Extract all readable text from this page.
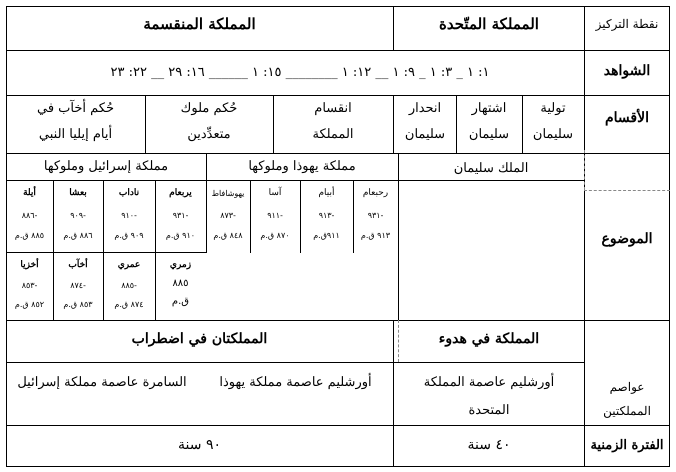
نقطة التركيز
المملكة المتّحدة
المملكة المنقسمة
الشواهد
١: ١ _ ٣: ١ _ ٩: ١ __ ١٢: ١ ________ ١٥: ١ ______ ١٦: ٢٩ __ ٢٢: ٢٣
الأقسام
تولية
سليمان
اشتهار
سليمان
انحدار
سليمان
انقسام
المملكة
حُكم ملوك
متعدِّدين
حُكم أخآب في
أيام إيليا النبي
الموضوع
الملك سليمان
مملكة يهوذا وملوكها
مملكة إسرائيل وملوكها
رحبعام
-٩٣١
٩١٣ ق.م
أبيام
-٩١٣
٩١١ق.م
آسا
-٩١١
٨٧٠ ق.م
يهوشافاط
-٨٧٣
٨٤٨ ق.م
يربعام
-٩٣١
٩١٠ ق.م
ناداب
-٩١٠
٩٠٩ ق.م
بعشا
-٩٠٩
٨٨٦ ق.م
أيلة
-٨٨٦
٨٨٥ ق.م
زمري
٨٨٥
ق.م
عمري
-٨٨٥
٨٧٤ ق.م
أخآب
-٨٧٤
٨٥٣ ق.م
أخزيا
-٨٥٣
٨٥٢ ق.م
المملكة في هدوء
المملكتان في اضطراب
عواصم المملكتين
أورشليم عاصمة المملكة
المتحدة
أورشليم عاصمة مملكة يهوذا
السامرة عاصمة مملكة إسرائيل
الفترة الزمنية
٤٠ سنة
٩٠ سنة
